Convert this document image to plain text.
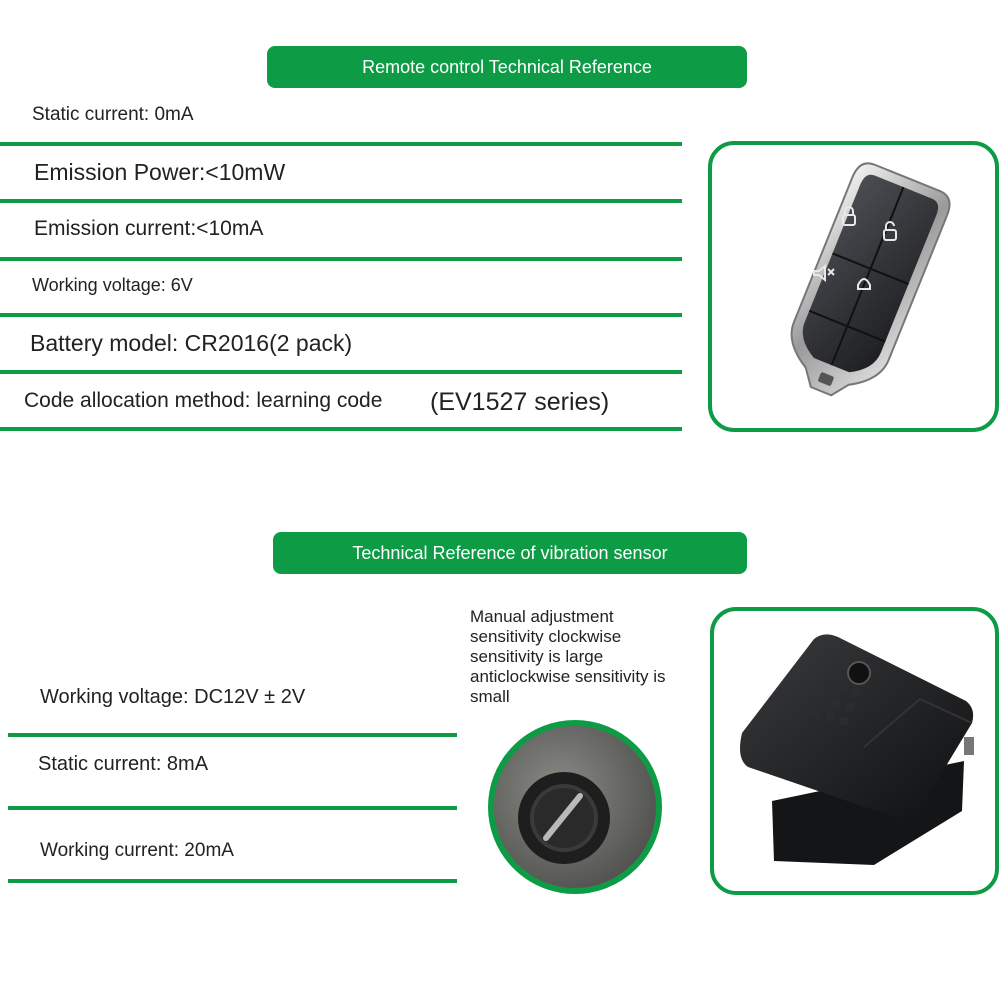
Remote control Technical Reference
Static current: 0mA
Emission Power:<10mW
Emission current:<10mA
Working voltage: 6V
Battery model: CR2016(2 pack)
Code allocation method: learning code (EV1527 series)
Technical Reference of vibration sensor
Working voltage: DC12V ± 2V
Static current: 8mA
Working current: 20mA
Manual adjustment
sensitivity clockwise
sensitivity is large
anticlockwise sensitivity is
small
